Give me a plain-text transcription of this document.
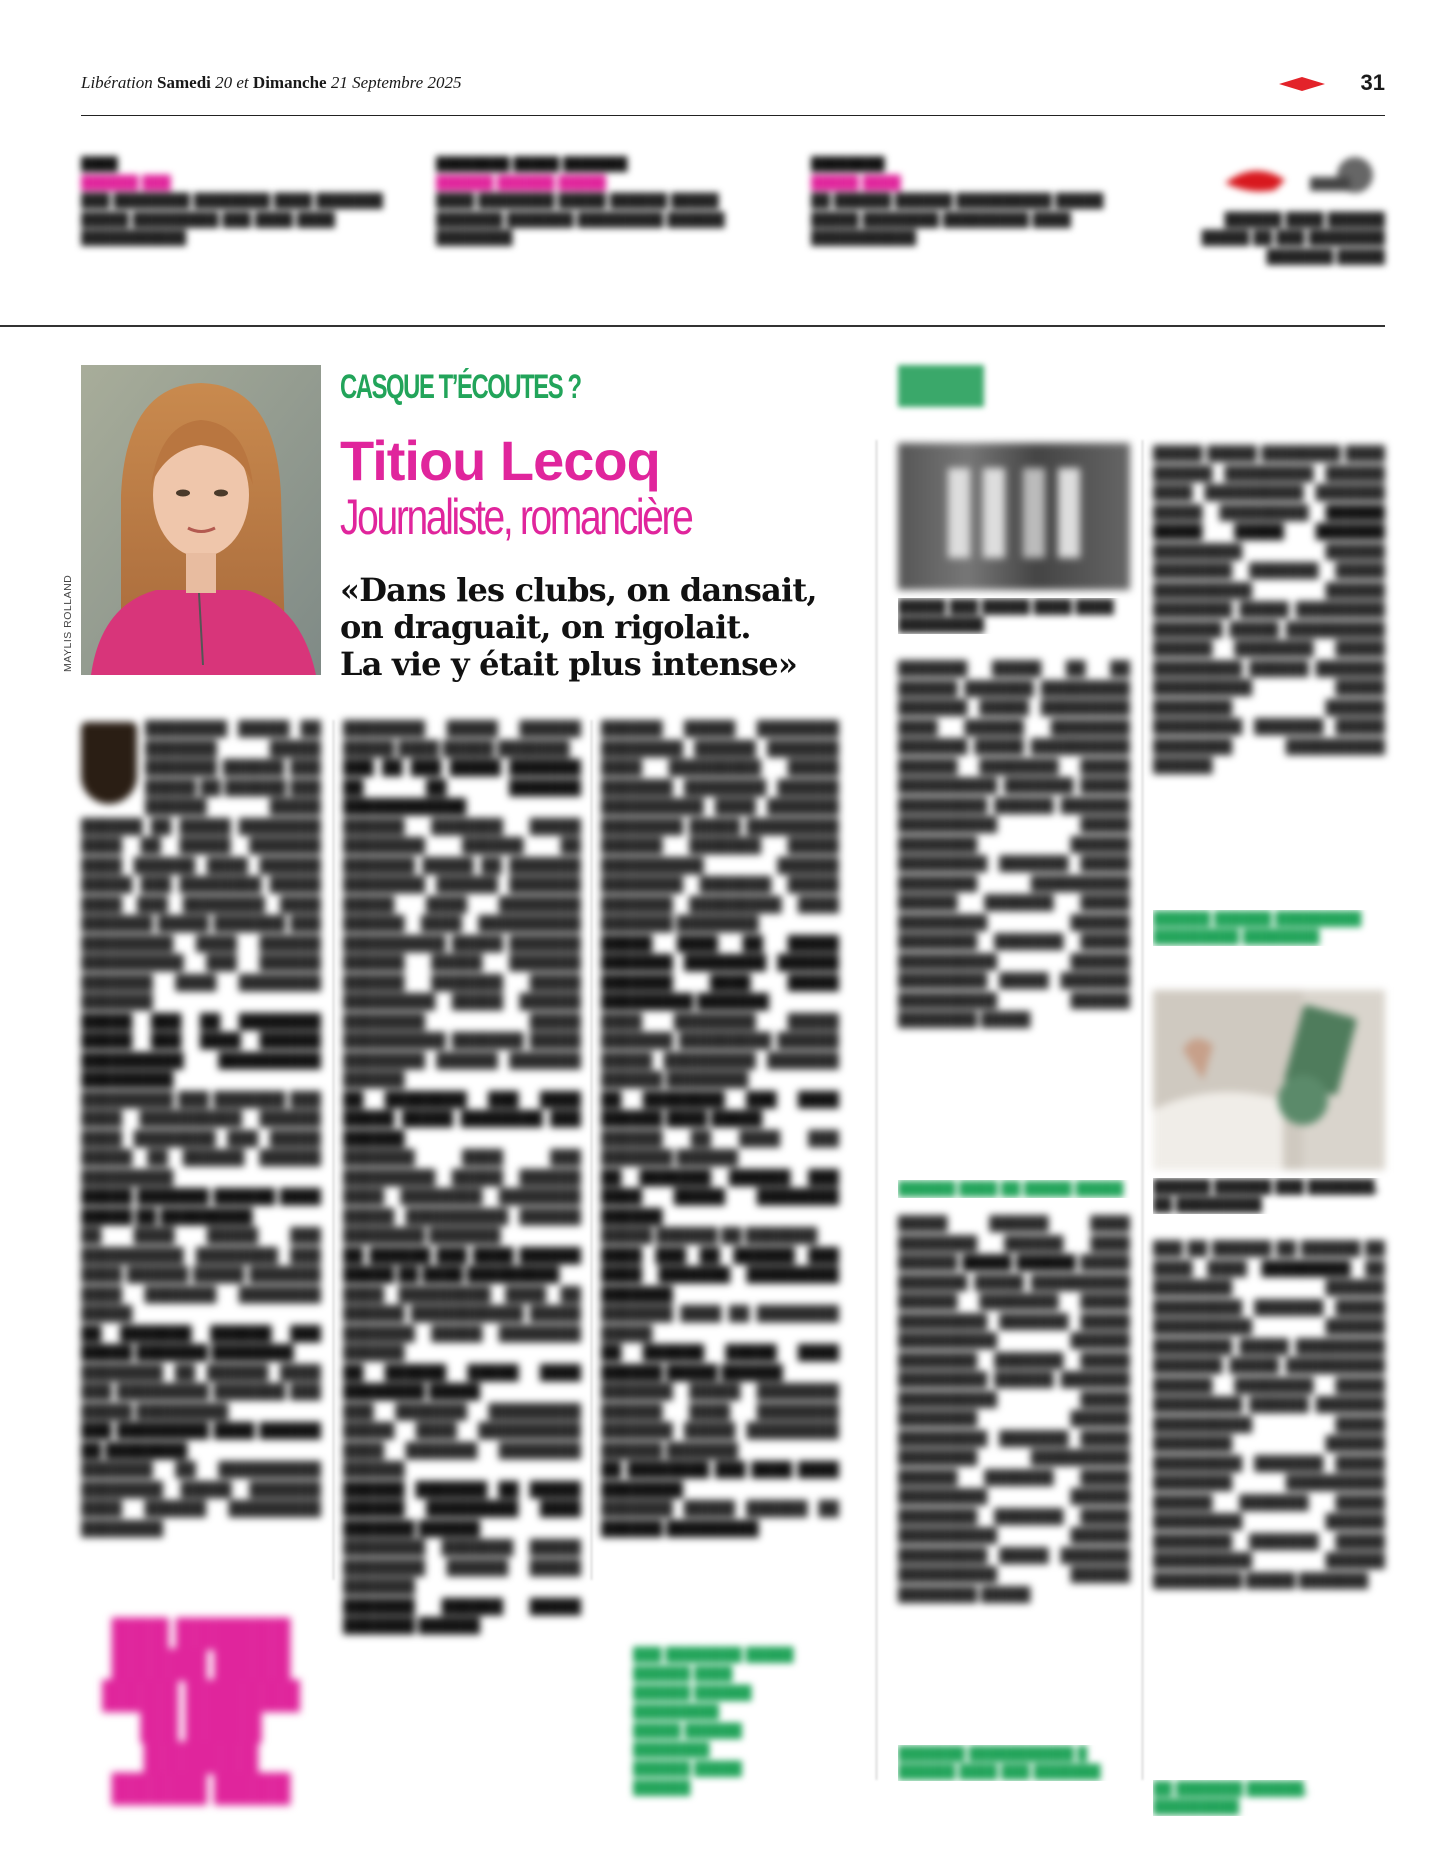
Libération Samedi 20 et Dimanche 21 Septembre 2025	31
████
██████ ███
███ ████████ ████████ ████ ███████ █████ █████████ ███ ████ ████ ███████████
████████ █████ ███████
██████ ██████ █████
████ ████████ █████ ██████ █████ ███████ ███████ █████████ ██████ ████████
████████
█████ ████
██ ██████ ██████ ██████████ █████ █████ ████████ █████████ ████ ███████████
██████ ████ ██████ █████ ██ ███ ████████ ███████ █████
MAYLIS ROLLAND
CASQUE T’ÉCOUTES ?
Titiou Lecoq
Journaliste, romancière
«Dans les clubs, on dansait,
on draguait, on rigolait.
La vie y était plus intense»
████████ █████ ██ ███████ █████ ███████ ██████ ███ █████ ██ ██████ ███ ██████ █████ ██████ ██ █████ ████████ ████ ██ █████ ███████ ████ ██████ ████ ██████ █████ ███ ████████ █████ ████ ███ ████████ ████ ███████ █████ ███████ ███ █████████ ████ ██████ ██████████ ███ ██████ ███████ ████ ████████ ███████
█████ ███ ██ ████████ █████ ███ ████ ██████ ██████████ ██████████ █████████
█████████ ███ ███████ ███ ████ ██████████ ██████ ████ ████████ ███ █████ █████ ██ ██████ ██████ █████████
█████ ███████ ██████ ████ █████ ██ █████████
██ ████ █████ ███ ██████████ ████████ ███ ████ ██████ █████ ███████ ████ ███████ ████████ █████
██ ███████ ██████ ███ █████ ███████ ████████
████████ ██ ██████ ████ ███ █████████ ███████ ███ █████ █████████
███ █████████ ████ ██████ ██ ████████
███████ ██ ██████████ ████████ █████ ███████ ████ ██████ █████████ ████████
████████ █████ ██████ █████ ████ █████ ███████
███ ██ ███ █████ ███████ ██ ██ ███████ ████████████
██████ ███████ █████ ████████ ██████ ██ ███████ █████ ██ ███████ ████████ ██████ ███████ █████ ████ ████████ ██████ ████ ██████████ ██████████ █████ ███████ ██████ █████ ███████ ██████ ███████ █████ █████████ █████ ██████ ████████ █████ ██████████ ███████ █████ ████████ ██████ ███████ ██████
██ ████████ ███ ████ █████ █████ ████████ ███ ██████
███████ ████ ███ █████████ █████ ██████ ████ ████████ ████████ █████ ██████████ ██████ ████████ ███████
██ ██████ ███ ████ ██████ █████ ██ ████ █████████
████ █████████ ████ ██ ██████ ███████████ █████ ███████ █████ ████████ ██████
██ ██████ █████ ████ ████████ █████
███ ███████ █████████ █████ ████ ██████████ ████ ███████ ████████ ██████
██████ ███████ ██ █████ ██████ █████████ ████ ███████ ██████
████████ ███████ █████ ████████ ██████ █████ ███████
███████ ██████ █████ ███████ ██████
██████ █████ ████████ ████████ ██████ ███████ ████ █████████ █████ ███████ ████████ ██████ ██████████ ████ ███████ ████████ █████ █████████ ██████ ███████ █████ ██████████ ██████ ████████ ███████ █████ ███████ █████████ ████ ███████ ████████
█████ ████ ██ █████ ███████ ████████ ██████ ███████ ████ █████ █████████ ███████
████ ████████ █████ ███████ █████████ ██████ █████ █████████ ███████ ██████ ████████
██ ████████ ███ ████ ██████ ████ █████
██████ ██ ████ ███ ███████ ██████
██ ███████ ██████ ███ ████ █████ ████████ ██████
█████ ██████ ██ ███████
████ ███ ██ ██████ ███ ████ ███████ █████████ ███████
███████ ████ ██ ████████ █████
██ ██████ █████ ████ ██████ █████ ██████
███████ █████ ████████ ██████ ████ ████████ ███████ █████ █████████ ██████ ███████
██ ████████ ███ ████ ████ ████████
███████ █████ ██████ ██ ██████ █████████
███ ██████
█████ ████
████ ██████
██ ████ ██████
█████ ████
███ ████████ █████
██████ ████
██████ ██████
█████████
█████ ██████
████████
██████ █████
██████
█████ ███ █████ ████ ████ █████████
███████ █████ ██ ██ ██████ ███████ █████████ ███████ █████ █████████ ████ ██████ ████████ ███████ █████ ██████████ ██████ ████████ █████ ██████████ ███████ █████ █████████ ██████ ███████ ██████████ █████ ████████ ██████ █████████ ███████ █████ ████████ ██████████ ██████ ███████ █████ █████████ ██████ ████████ ███████ █████ ██████████ ██████ █████████ █████ ███████ ██████████ ██████ ████████ █████
██████ ████ ██ █████ █████
█████ ██████ ████ ████████ ██████ ████ ██████ █████ ██████ █████ ███████ █████ ██████████ ██████ ████████ █████ █████████ ███████ █████ ██████████ ██████ ████████ ███████ █████ █████████ ██████ ███████ ██████████ █████ ████████ ██████ █████████ ███████ █████ ████████ ██████████ ██████ ███████ █████ █████████ ██████ ████████ ███████ █████ ██████████ ██████ █████████ █████ ███████ ██████████ ██████ ████████ █████
███████ ███████████ █
██████ ████ ███ ███████
█████ █████ ████████ ████ ██████ █████████ ██████ ████ ██████████ ███████ █████ █████████ ██████ █████ █████ ███████ █████████ ██████ ████████ ███████ █████ ██████████ ██████ ████████ █████ █████████ ███████ █████ ██████████ ██████ ████████ █████ █████████ ██████ ███████ ██████████ █████ ████████ ██████ █████████ ███████ █████ ████████ ██████████ ██████
██████ ██████ █████████
█████████ ████████
██████ ██████ ███ ███████, ██ █████████
███ ██ ██████ ██ ██████ ██ ████ ████ █████████ ██ ████████ ██████ █████████ ███████ █████ ██████████ ██████ ████████ █████ █████████ ███████ █████ ██████████ ██████ ████████ █████ █████████ ██████ ███████ ██████████ █████ ████████ ██████ █████████ ███████ █████ ████████ ██████████ ██████ ███████ █████ █████████ ██████ ████████ ███████ █████ ██████████ ██████ █████████ █████ ███████
██ ███████ ██████, █████████
